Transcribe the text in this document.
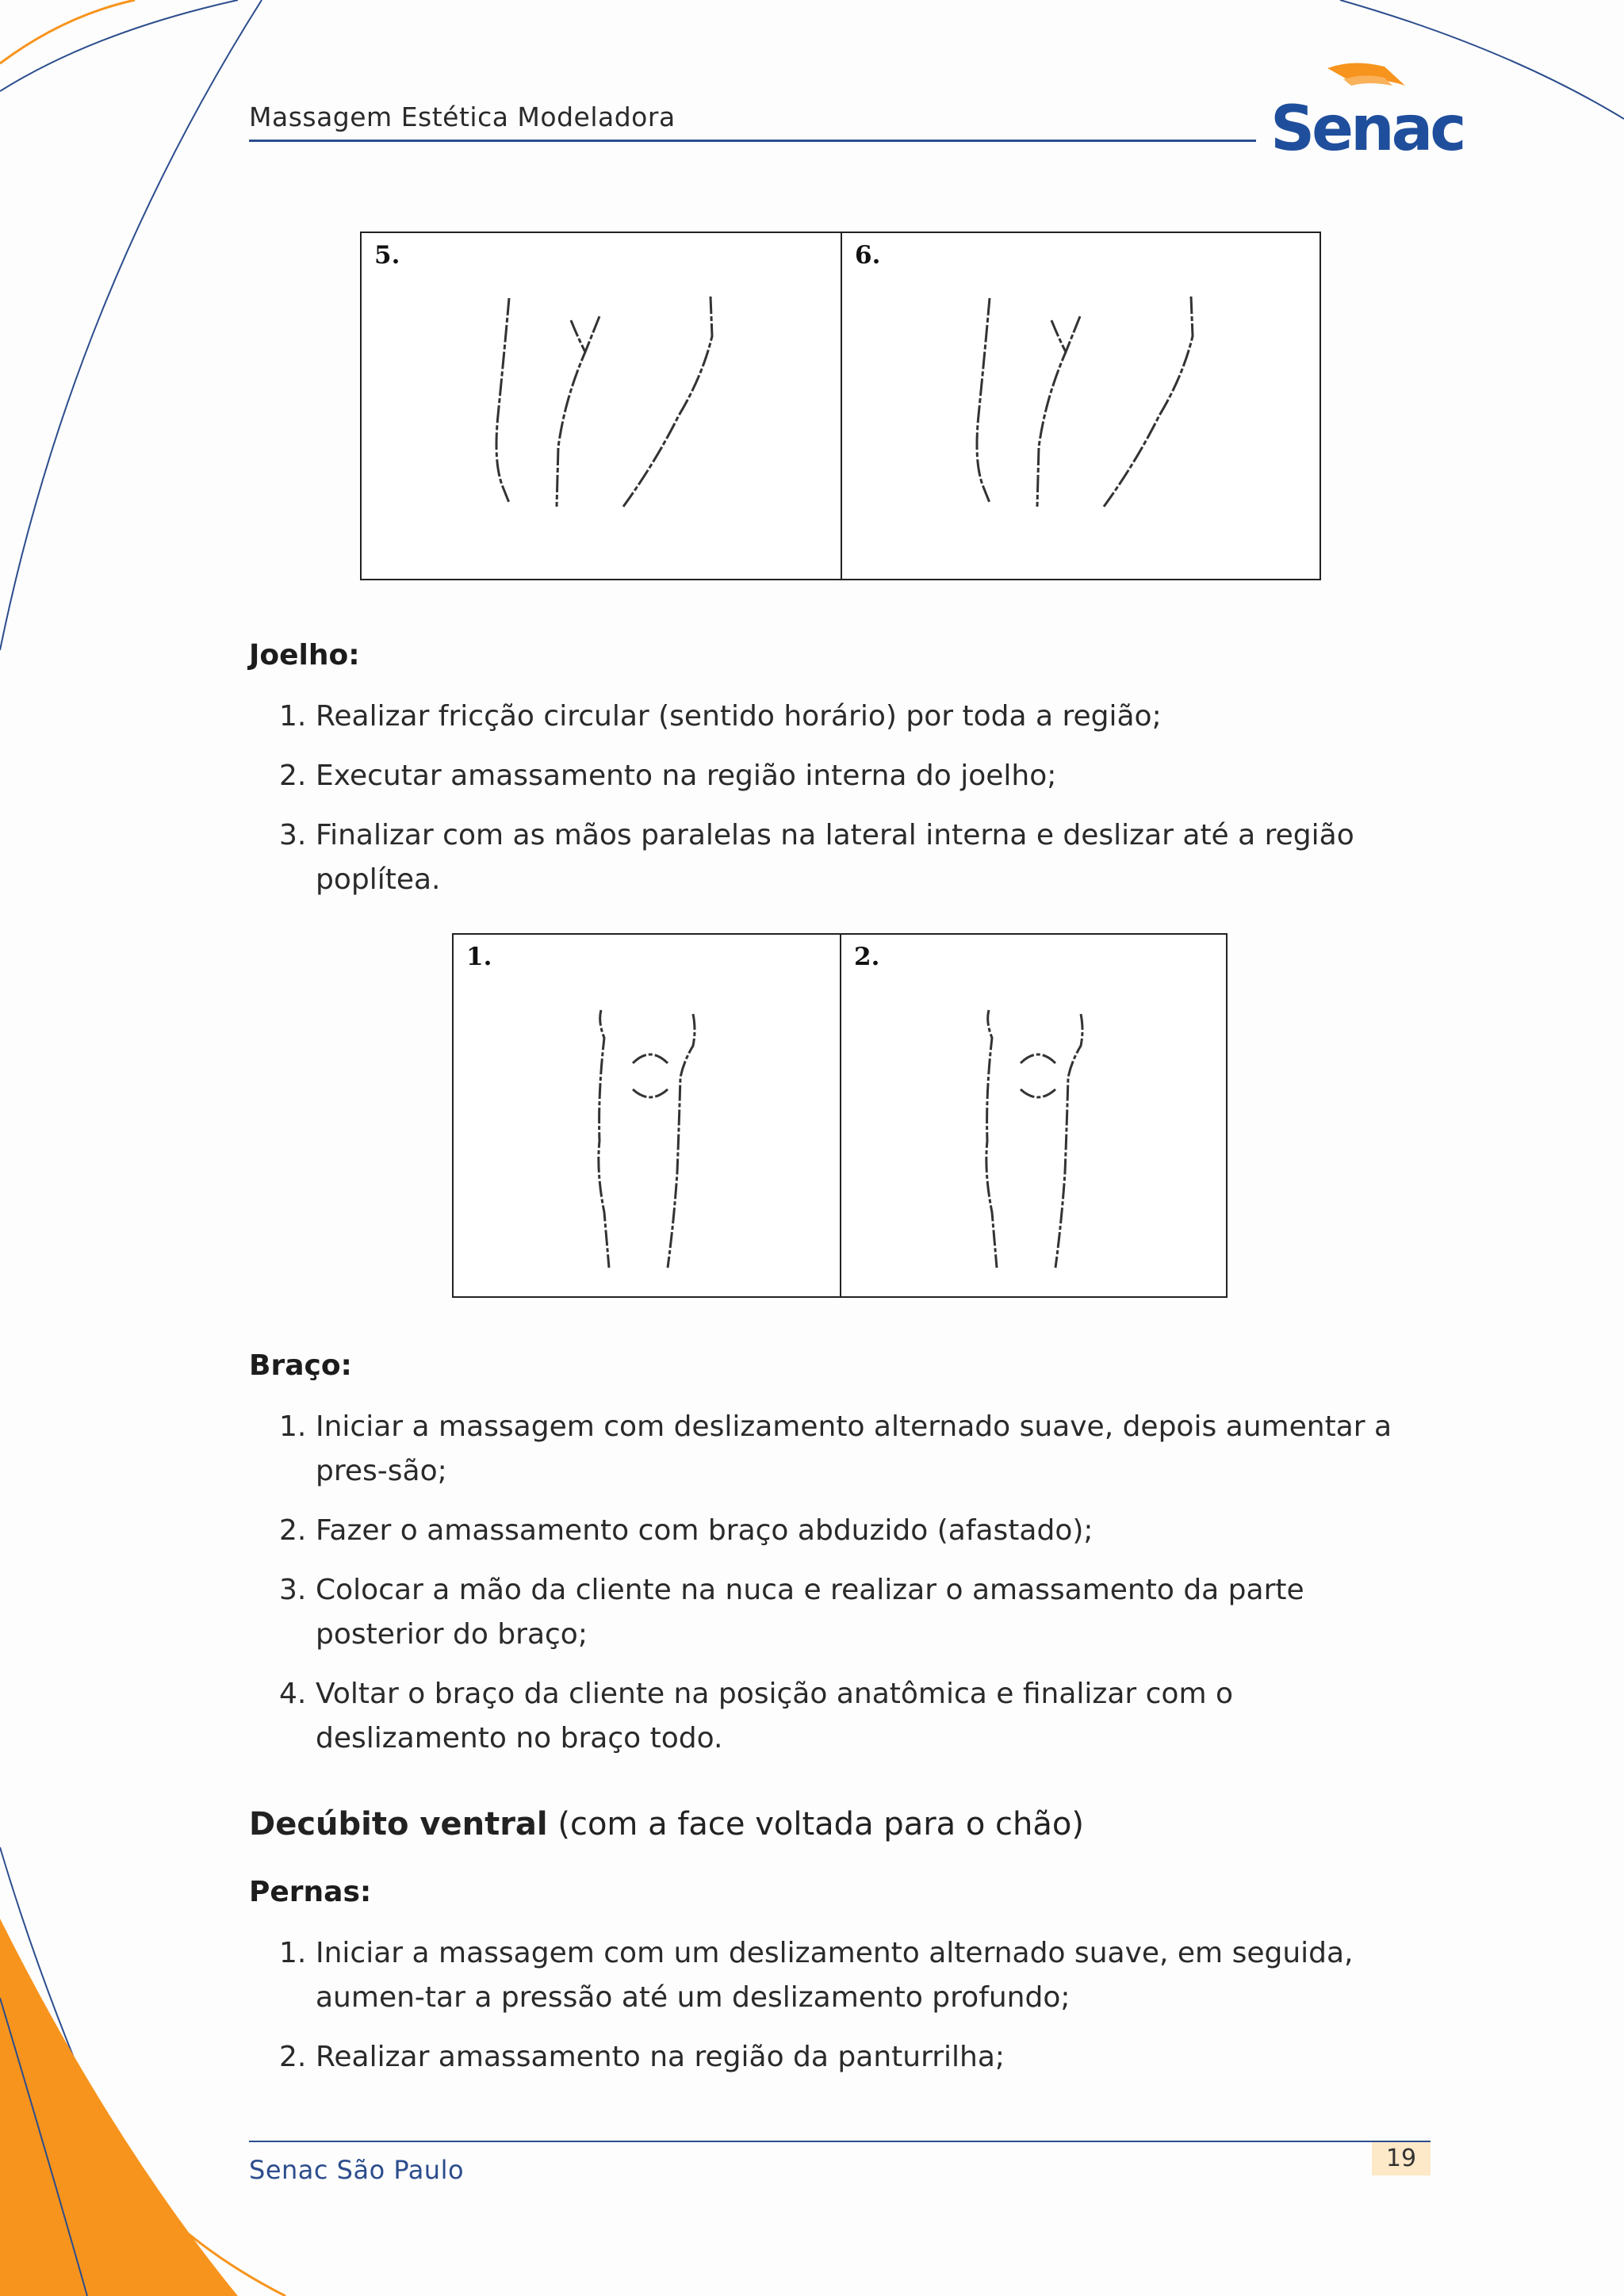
Massagem Estética Modeladora	Senac
5.	6.
Joelho:
1. Realizar fricção circular (sentido horário) por toda a região;
2. Executar amassamento na região interna do joelho;
3. Finalizar com as mãos paralelas na lateral interna e deslizar até a região poplítea.
1.	2.
Braço:
1. Iniciar a massagem com deslizamento alternado suave, depois aumentar a pres-são;
2. Fazer o amassamento com braço abduzido (afastado);
3. Colocar a mão da cliente na nuca e realizar o amassamento da parte posterior do braço;
4. Voltar o braço da cliente na posição anatômica e finalizar com o deslizamento no braço todo.
Decúbito ventral (com a face voltada para o chão)
Pernas:
1. Iniciar a massagem com um deslizamento alternado suave, em seguida, aumen-tar a pressão até um deslizamento profundo;
2. Realizar amassamento na região da panturrilha;
Senac São Paulo	19
